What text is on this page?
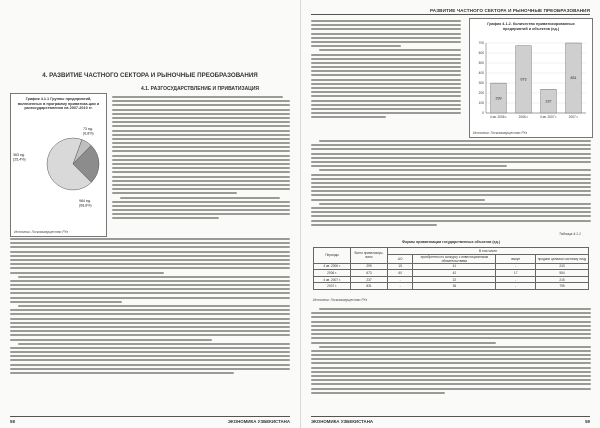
4. РАЗВИТИЕ ЧАСТНОГО СЕКТОРА И РЫНОЧНЫЕ ПРЕОБРАЗОВАНИЯ
4.1. РАЗГОСУДАРСТВЛЕНИЕ И ПРИВАТИЗАЦИЯ
График 4.1.1 Группы предприятий, включенных в программу приватиза-ции и разгосударствления на 2007-2010 гг.
73 ед.
(6,8%)
363 ед.
(25,4%)
984 ед.
(68,8%)
Источник: Госкомимущество РУз
58	ЭКОНОМИКА УЗБЕКИСТАНА
РАЗВИТИЕ ЧАСТНОГО СЕКТОРА И РЫНОЧНЫЕ ПРЕОБРАЗОВАНИЯ
График 4.1.2. Количество приватизированных предприятий и объектов (ед.)
0
100
200
300
400
500
600
700
299
4 кв. 2006 г.
673
2006 г.
237
4 кв. 2007 г.
831
2007 г.
Источник: Госкомимущество РУз
Таблица 4.1.1
Формы приватизации государственных объектов (ед.)
Периоды	Всего приватизиро-вано	В том числе			
		АО	приобретено по конкурсу с инвестиционными обязательствами	выкуп	продано целиком частному лицу
4 кв. 2006 г.	299	15	41	-	243
2006 г.	673	60	42	17	554
4 кв. 2007 г.	237	-	22	-	215
2007 г.	831	-	36	-	795
Источник: Госкомимущество РУз
ЭКОНОМИКА УЗБЕКИСТАНА	59
